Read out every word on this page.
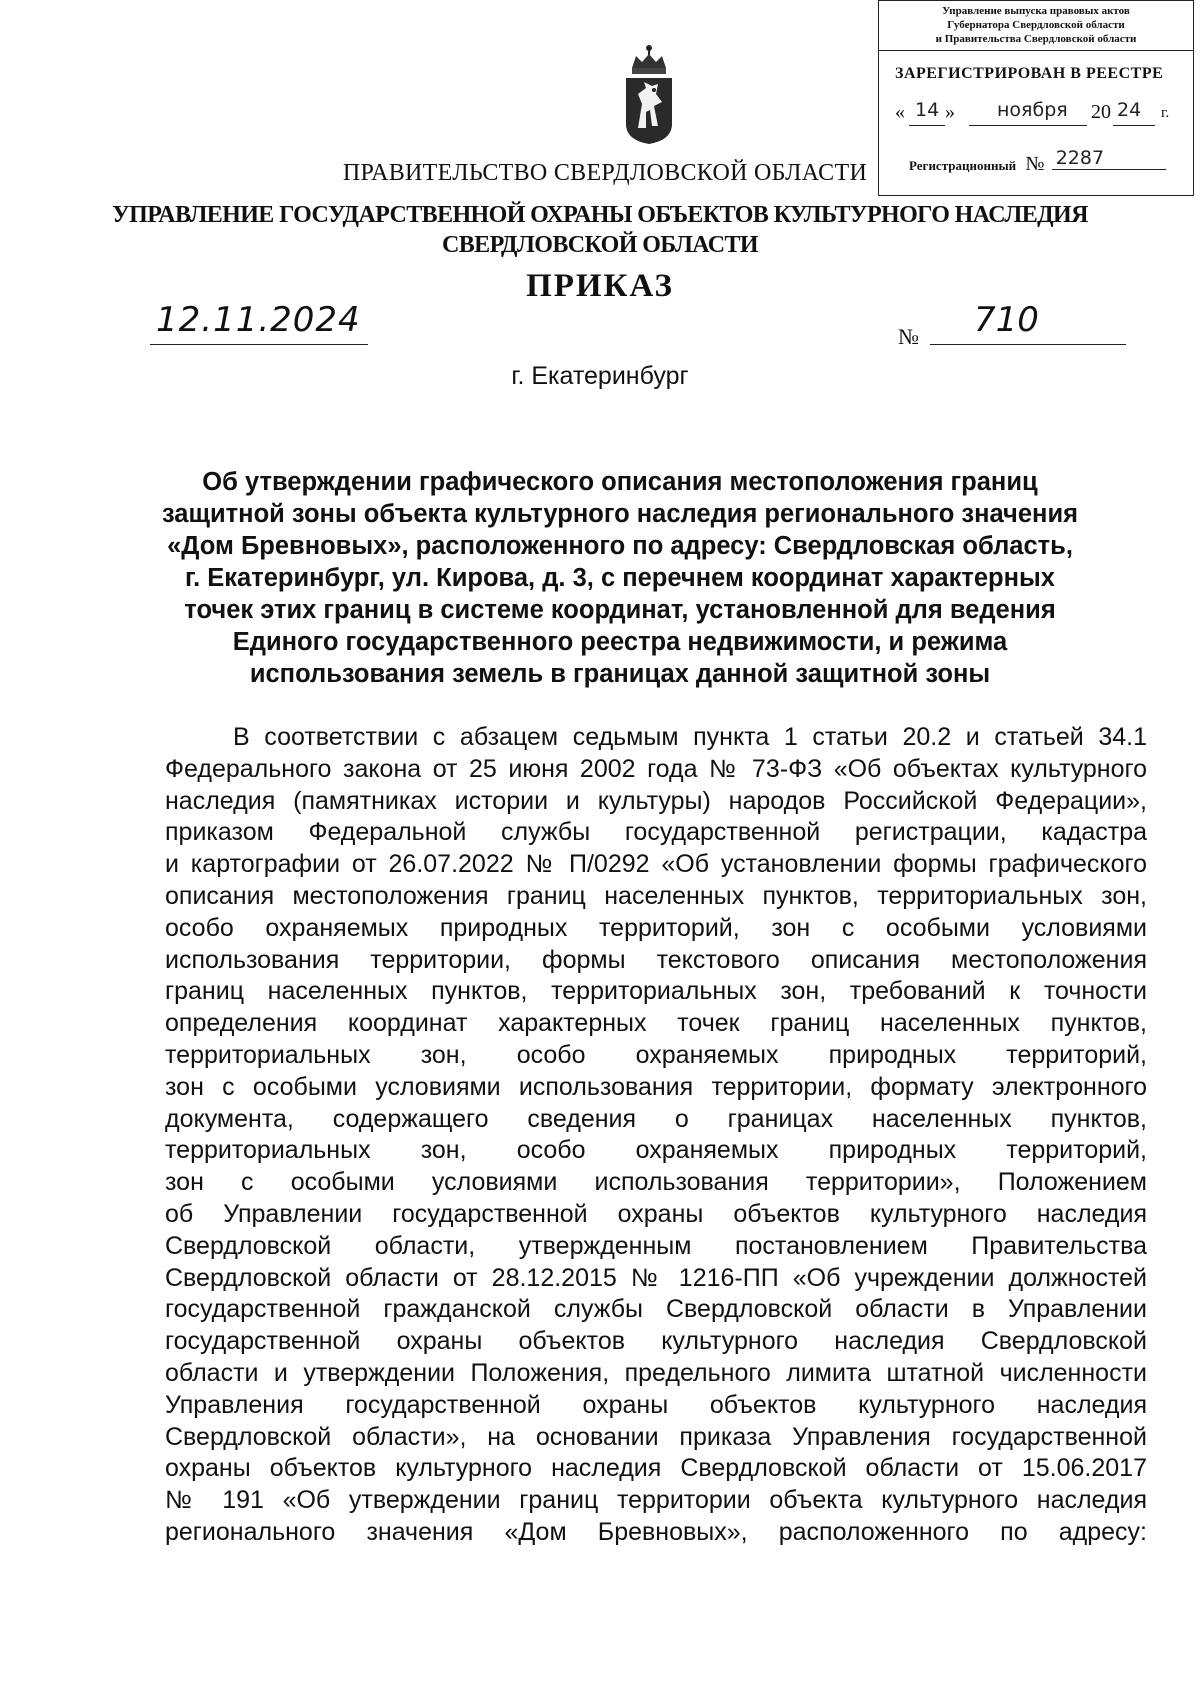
Управление выпуска правовых актов
Губернатора Свердловской области
и Правительства Свердловской области
ЗАРЕГИСТРИРОВАН В РЕЕСТРЕ
« 14 » ноября 20 24 г.
Регистрационный № 2287
ПРАВИТЕЛЬСТВО СВЕРДЛОВСКОЙ ОБЛАСТИ
УПРАВЛЕНИЕ ГОСУДАРСТВЕННОЙ ОХРАНЫ ОБЪЕКТОВ КУЛЬТУРНОГО НАСЛЕДИЯ
СВЕРДЛОВСКОЙ ОБЛАСТИ
ПРИКАЗ
12.11.2024	№ 710
г. Екатеринбург
Об утверждении графического описания местоположения границ
защитной зоны объекта культурного наследия регионального значения
«Дом Бревновых», расположенного по адресу: Свердловская область,
г. Екатеринбург, ул. Кирова, д. 3, с перечнем координат характерных
точек этих границ в системе координат, установленной для ведения
Единого государственного реестра недвижимости, и режима
использования земель в границах данной защитной зоны
В соответствии с абзацем седьмым пункта 1 статьи 20.2 и статьей 34.1
Федерального закона от 25 июня 2002 года № 73-ФЗ «Об объектах культурного
наследия (памятниках истории и культуры) народов Российской Федерации»,
приказом Федеральной службы государственной регистрации, кадастра
и картографии от 26.07.2022 № П/0292 «Об установлении формы графического
описания местоположения границ населенных пунктов, территориальных зон,
особо охраняемых природных территорий, зон с особыми условиями
использования территории, формы текстового описания местоположения
границ населенных пунктов, территориальных зон, требований к точности
определения координат характерных точек границ населенных пунктов,
территориальных зон, особо охраняемых природных территорий,
зон с особыми условиями использования территории, формату электронного
документа, содержащего сведения о границах населенных пунктов,
территориальных зон, особо охраняемых природных территорий,
зон с особыми условиями использования территории», Положением
об Управлении государственной охраны объектов культурного наследия
Свердловской области, утвержденным постановлением Правительства
Свердловской области от 28.12.2015 № 1216-ПП «Об учреждении должностей
государственной гражданской службы Свердловской области в Управлении
государственной охраны объектов культурного наследия Свердловской
области и утверждении Положения, предельного лимита штатной численности
Управления государственной охраны объектов культурного наследия
Свердловской области», на основании приказа Управления государственной
охраны объектов культурного наследия Свердловской области от 15.06.2017
№ 191 «Об утверждении границ территории объекта культурного наследия
регионального значения «Дом Бревновых», расположенного по адресу:
